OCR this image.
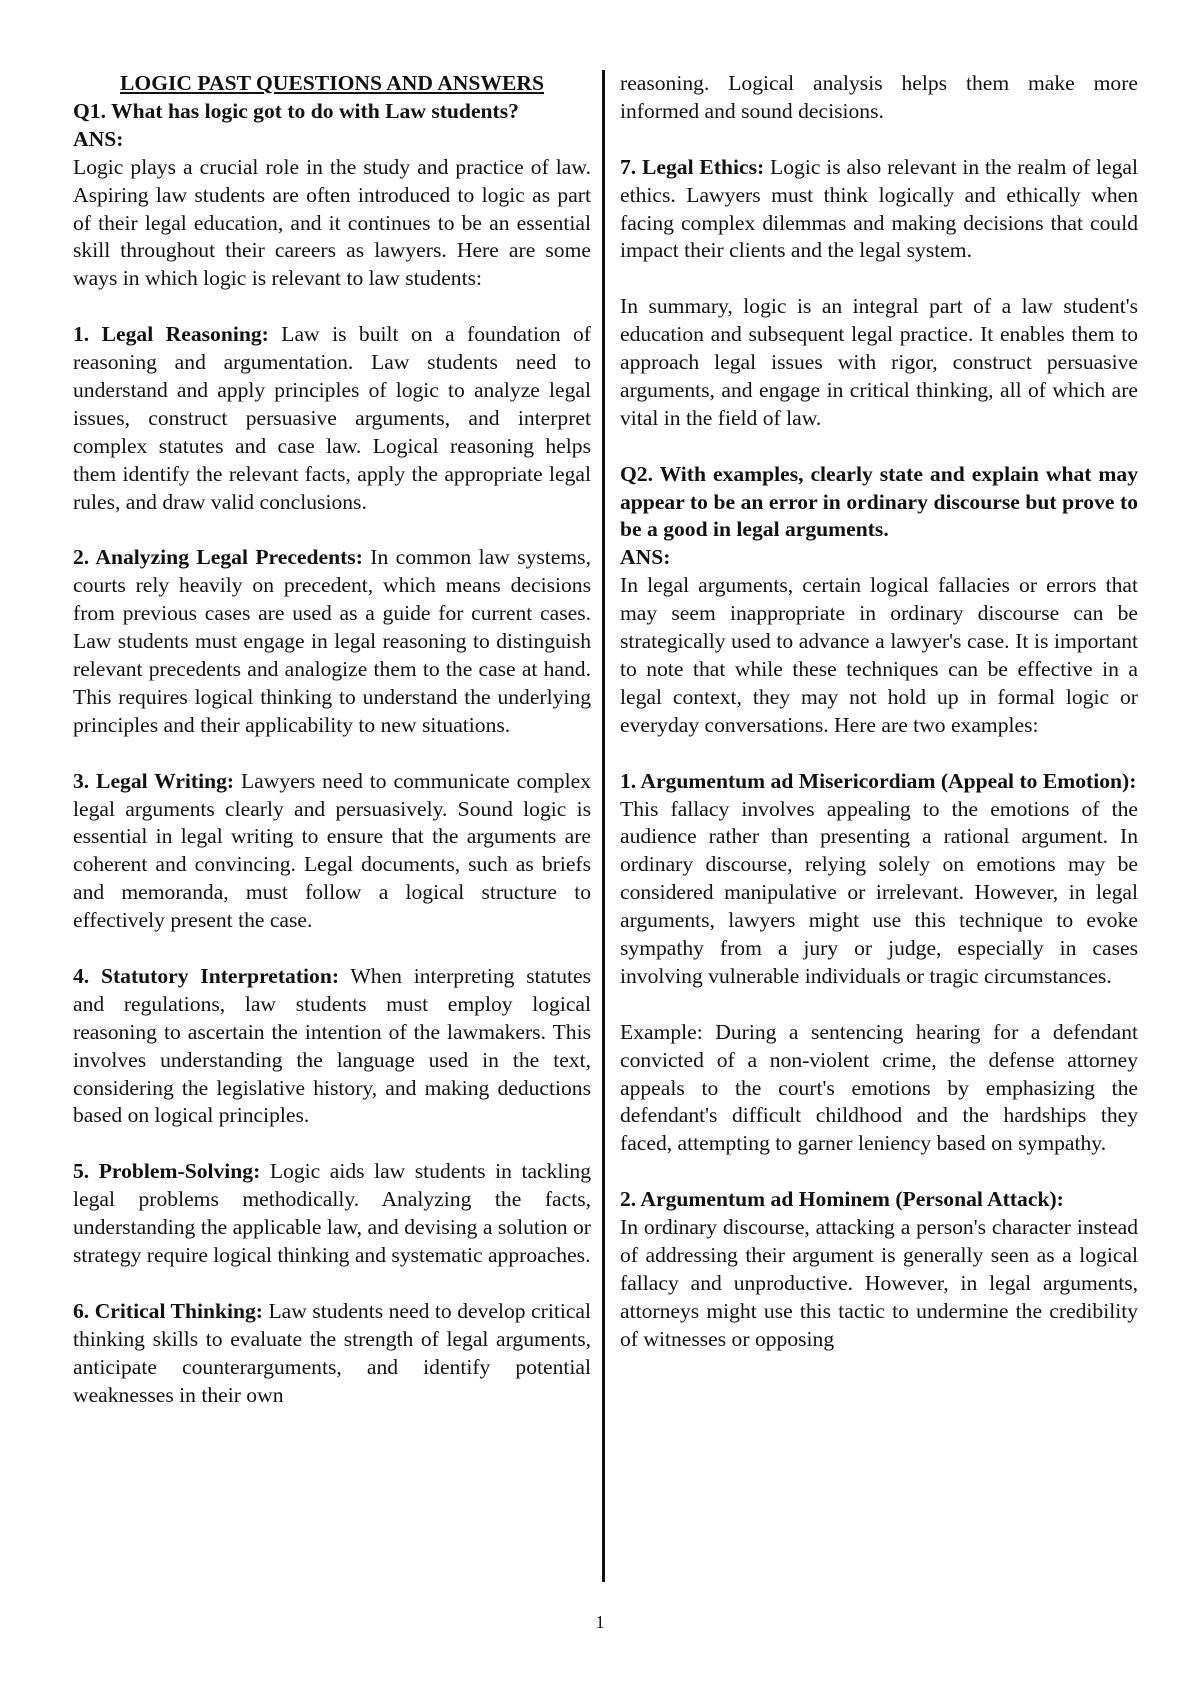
LOGIC PAST QUESTIONS AND ANSWERS

Q1. What has logic got to do with Law students?

ANS:

Logic plays a crucial role in the study and practice of law. Aspiring law students are often introduced to logic as part of their legal education, and it continues to be an essential skill throughout their careers as lawyers. Here are some ways in which logic is relevant to law students:

1. Legal Reasoning: Law is built on a foundation of reasoning and argumentation. Law students need to understand and apply principles of logic to analyze legal issues, construct persuasive arguments, and interpret complex statutes and case law. Logical reasoning helps them identify the relevant facts, apply the appropriate legal rules, and draw valid conclusions.

2. Analyzing Legal Precedents: In common law systems, courts rely heavily on precedent, which means decisions from previous cases are used as a guide for current cases. Law students must engage in legal reasoning to distinguish relevant precedents and analogize them to the case at hand. This requires logical thinking to understand the underlying principles and their applicability to new situations.

3. Legal Writing: Lawyers need to communicate complex legal arguments clearly and persuasively. Sound logic is essential in legal writing to ensure that the arguments are coherent and convincing. Legal documents, such as briefs and memoranda, must follow a logical structure to effectively present the case.

4. Statutory Interpretation: When interpreting statutes and regulations, law students must employ logical reasoning to ascertain the intention of the lawmakers. This involves understanding the language used in the text, considering the legislative history, and making deductions based on logical principles.

5. Problem-Solving: Logic aids law students in tackling legal problems methodically. Analyzing the facts, understanding the applicable law, and devising a solution or strategy require logical thinking and systematic approaches.

6. Critical Thinking: Law students need to develop critical thinking skills to evaluate the strength of legal arguments, anticipate counterarguments, and identify potential weaknesses in their own

reasoning. Logical analysis helps them make more informed and sound decisions.

7. Legal Ethics: Logic is also relevant in the realm of legal ethics. Lawyers must think logically and ethically when facing complex dilemmas and making decisions that could impact their clients and the legal system.

In summary, logic is an integral part of a law student's education and subsequent legal practice. It enables them to approach legal issues with rigor, construct persuasive arguments, and engage in critical thinking, all of which are vital in the field of law.

Q2. With examples, clearly state and explain what may appear to be an error in ordinary discourse but prove to be a good in legal arguments.

ANS:

In legal arguments, certain logical fallacies or errors that may seem inappropriate in ordinary discourse can be strategically used to advance a lawyer's case. It is important to note that while these techniques can be effective in a legal context, they may not hold up in formal logic or everyday conversations. Here are two examples:

1. Argumentum ad Misericordiam (Appeal to Emotion):

This fallacy involves appealing to the emotions of the audience rather than presenting a rational argument. In ordinary discourse, relying solely on emotions may be considered manipulative or irrelevant. However, in legal arguments, lawyers might use this technique to evoke sympathy from a jury or judge, especially in cases involving vulnerable individuals or tragic circumstances.

Example: During a sentencing hearing for a defendant convicted of a non-violent crime, the defense attorney appeals to the court's emotions by emphasizing the defendant's difficult childhood and the hardships they faced, attempting to garner leniency based on sympathy.

2. Argumentum ad Hominem (Personal Attack):

In ordinary discourse, attacking a person's character instead of addressing their argument is generally seen as a logical fallacy and unproductive. However, in legal arguments, attorneys might use this tactic to undermine the credibility of witnesses or opposing

1
